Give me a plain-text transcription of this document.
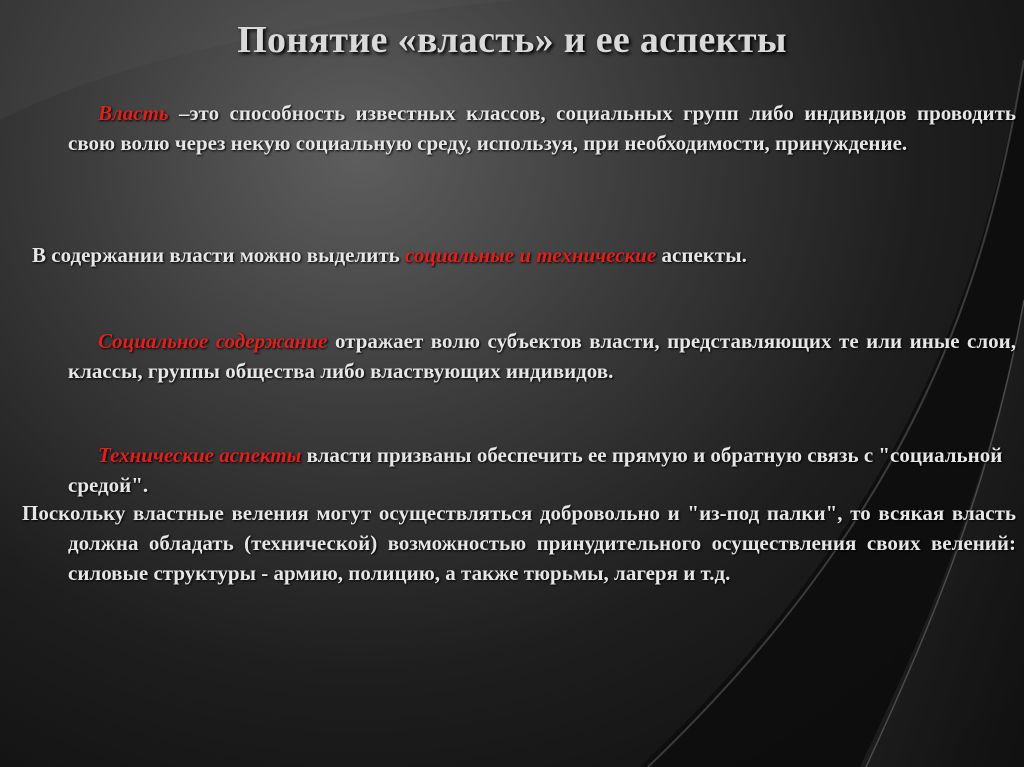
Понятие «власть» и ее аспекты
Власть –это способность известных классов, социальных групп либо индивидов проводить свою волю через некую социальную среду, используя, при необходимости, принуждение.
В содержании власти можно выделить социальные и технические аспекты.
Социальное содержание отражает волю субъектов власти, представляющих те или иные слои, классы, группы общества либо властвующих индивидов.
Технические аспекты власти призваны обеспечить ее прямую и обратную связь с "социальной средой".
Поскольку властные веления могут осуществляться добровольно и "из-под палки", то всякая власть должна обладать (технической) возможностью принудительного осуществления своих велений: силовые структуры - армию, полицию, а также тюрьмы, лагеря и т.д.
